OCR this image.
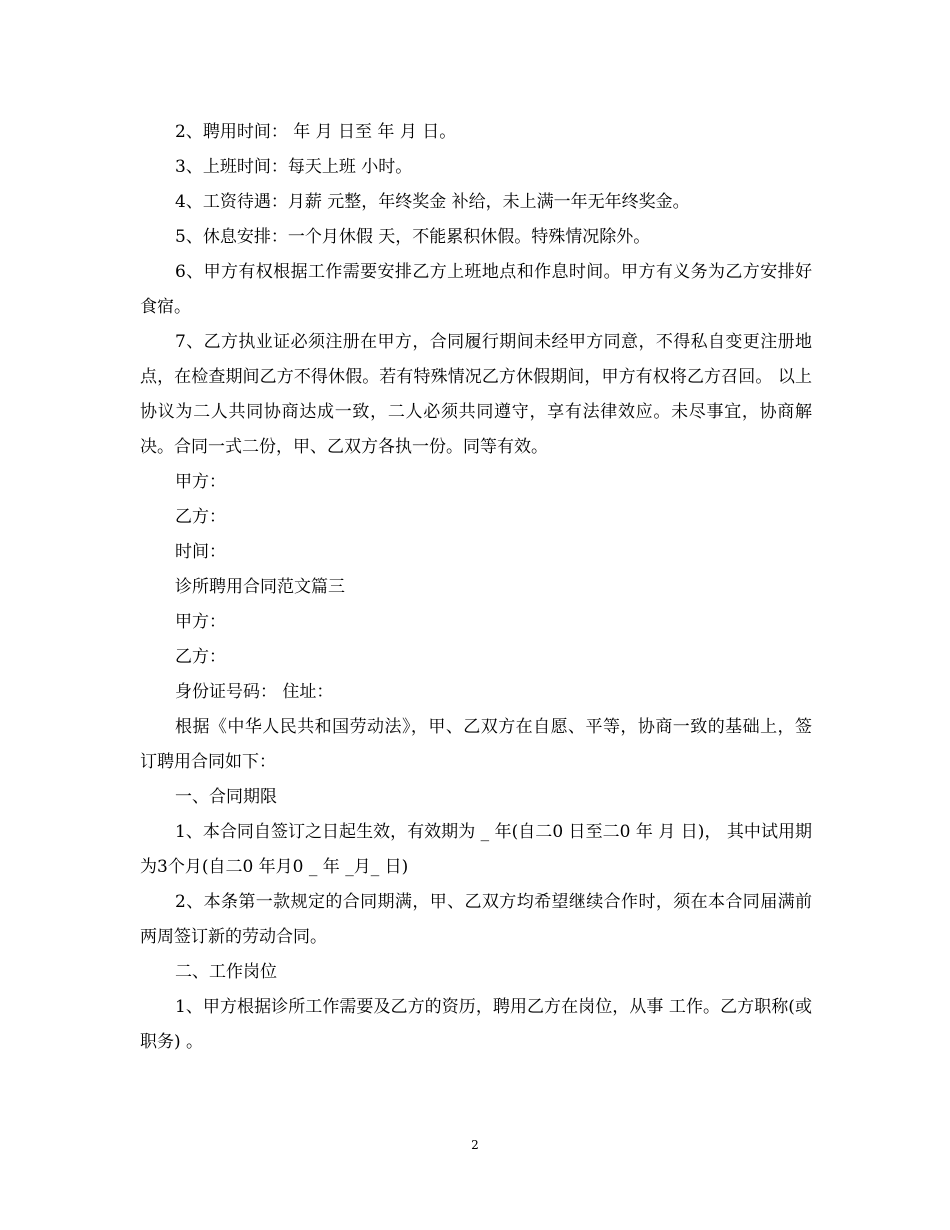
2、聘用时间： 年 月 日至 年 月 日。

3、上班时间：每天上班 小时。

4、工资待遇：月薪 元整，年终奖金 补给，未上满一年无年终奖金。

5、休息安排：一个月休假 天，不能累积休假。特殊情况除外。

6、甲方有权根据工作需要安排乙方上班地点和作息时间。甲方有义务为乙方安排好食宿。

7、乙方执业证必须注册在甲方，合同履行期间未经甲方同意，不得私自变更注册地点，在检查期间乙方不得休假。若有特殊情况乙方休假期间，甲方有权将乙方召回。 以上协议为二人共同协商达成一致，二人必须共同遵守，享有法律效应。未尽事宜，协商解决。合同一式二份，甲、乙双方各执一份。同等有效。

甲方：

乙方：

时间：

诊所聘用合同范文篇三

甲方：

乙方：

身份证号码： 住址：

根据《中华人民共和国劳动法》，甲、乙双方在自愿、平等，协商一致的基础上，签订聘用合同如下：

一、合同期限

1、本合同自签订之日起生效，有效期为 _ 年(自二0 日至二0 年 月 日)， 其中试用期为3个月(自二0 年月0 _ 年 _月_ 日)

2、本条第一款规定的合同期满，甲、乙双方均希望继续合作时，须在本合同届满前两周签订新的劳动合同。

二、工作岗位

1、甲方根据诊所工作需要及乙方的资历，聘用乙方在岗位，从事 工作。乙方职称(或职务) 。

2
